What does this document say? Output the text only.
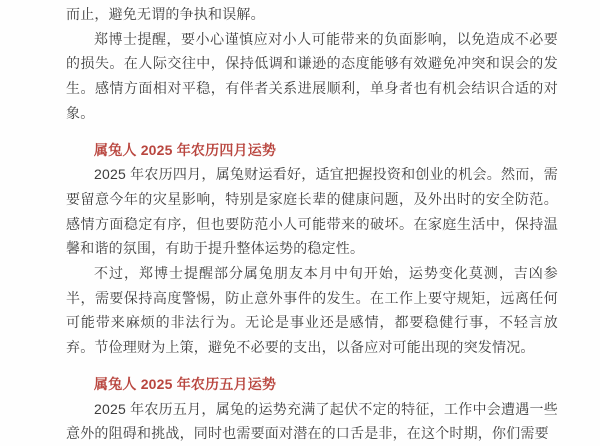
而止，避免无谓的争执和误解。

郑博士提醒，要小心谨慎应对小人可能带来的负面影响，以免造成不必要的损失。在人际交往中，保持低调和谦逊的态度能够有效避免冲突和误会的发生。感情方面相对平稳，有伴者关系进展顺利，单身者也有机会结识合适的对象。

属兔人 2025 年农历四月运势

2025 年农历四月，属兔财运看好，适宜把握投资和创业的机会。然而，需要留意今年的灾星影响，特别是家庭长辈的健康问题，及外出时的安全防范。感情方面稳定有序，但也要防范小人可能带来的破坏。在家庭生活中，保持温馨和谐的氛围，有助于提升整体运势的稳定性。

不过，郑博士提醒部分属兔朋友本月中旬开始，运势变化莫测，吉凶参半，需要保持高度警惕，防止意外事件的发生。在工作上要守规矩，远离任何可能带来麻烦的非法行为。无论是事业还是感情，都要稳健行事，不轻言放弃。节俭理财为上策，避免不必要的支出，以备应对可能出现的突发情况。

属兔人 2025 年农历五月运势

2025 年农历五月，属兔的运势充满了起伏不定的特征，工作中会遭遇一些意外的阻碍和挑战，同时也需要面对潜在的口舌是非，在这个时期，你们需要
